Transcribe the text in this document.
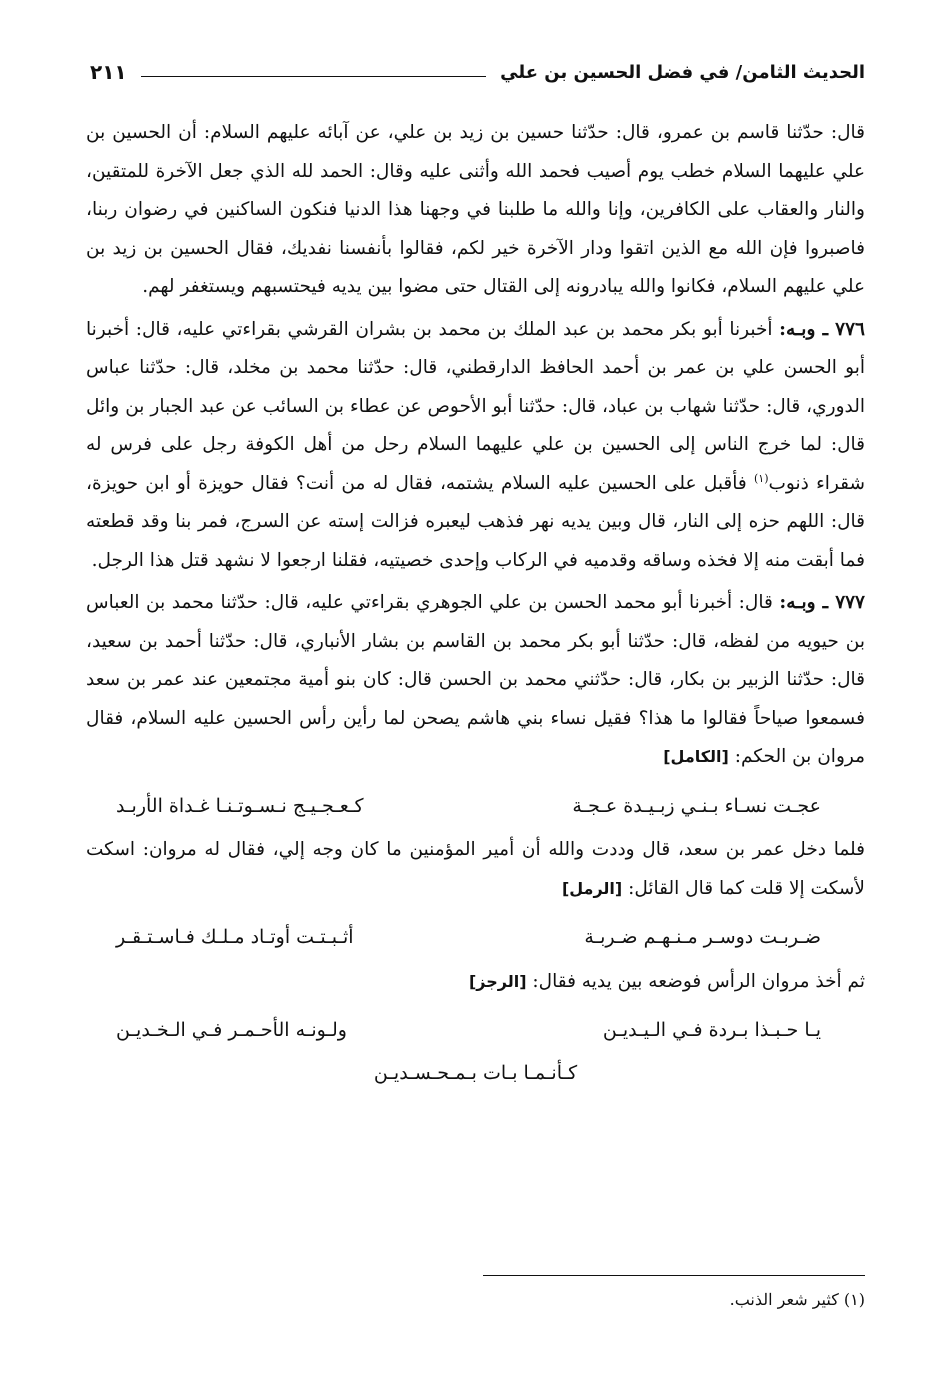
الحديث الثامن/ في فضل الحسين بن علي
٢١١

قال: حدّثنا قاسم بن عمرو، قال: حدّثنا حسين بن زيد بن علي، عن آبائه عليهم السلام: أن الحسين بن علي عليهما السلام خطب يوم أصيب فحمد الله وأثنى عليه وقال: الحمد لله الذي جعل الآخرة للمتقين، والنار والعقاب على الكافرين، وإنا والله ما طلبنا في وجهنا هذا الدنيا فنكون الساكنين في رضوان ربنا، فاصبروا فإن الله مع الذين اتقوا ودار الآخرة خير لكم، فقالوا بأنفسنا نفديك، فقال الحسين بن زيد بن علي عليهم السلام، فكانوا والله يبادرونه إلى القتال حتى مضوا بين يديه فيحتسبهم ويستغفر لهم.

٧٧٦ ـ وبـه: أخبرنا أبو بكر محمد بن عبد الملك بن محمد بن بشران القرشي بقراءتي عليه، قال: أخبرنا أبو الحسن علي بن عمر بن أحمد الحافظ الدارقطني، قال: حدّثنا محمد بن مخلد، قال: حدّثنا عباس الدوري، قال: حدّثنا شهاب بن عباد، قال: حدّثنا أبو الأحوص عن عطاء بن السائب عن عبد الجبار بن وائل قال: لما خرج الناس إلى الحسين بن علي عليهما السلام رحل من أهل الكوفة رجل على فرس له شقراء ذنوب$^{(١)}$ فأقبل على الحسين عليه السلام يشتمه، فقال له من أنت؟ فقال حويزة أو ابن حويزة، قال: اللهم حزه إلى النار، قال وبين يديه نهر فذهب ليعبره فزالت إسته عن السرج، فمر بنا وقد قطعته فما أبقت منه إلا فخذه وساقه وقدميه في الركاب وإحدى خصيتيه، فقلنا ارجعوا لا نشهد قتل هذا الرجل.

٧٧٧ ـ وبـه: قال: أخبرنا أبو محمد الحسن بن علي الجوهري بقراءتي عليه، قال: حدّثنا محمد بن العباس بن حيويه من لفظه، قال: حدّثنا أبو بكر محمد بن القاسم بن بشار الأنباري، قال: حدّثنا أحمد بن سعيد، قال: حدّثنا الزبير بن بكار، قال: حدّثني محمد بن الحسن قال: كان بنو أمية مجتمعين عند عمر بن سعد فسمعوا صياحاً فقالوا ما هذا؟ فقيل نساء بني هاشم يصحن لما رأين رأس الحسين عليه السلام، فقال مروان بن الحكم: [الكامل]

عجـت نسـاء بـنـي زبـيـدة عـجـة
كـعـجـيـج نـسـوتـنـا غـداة الأربـد

فلما دخل عمر بن سعد، قال وددت والله أن أمير المؤمنين ما كان وجه إلي، فقال له مروان: اسكت لأسكت إلا قلت كما قال القائل: [الرمل]

ضـربـت دوسـر مـنـهـم ضـربـة
أثـبـتـت أوتـاد مـلـك فـاسـتـقـر

ثم أخذ مروان الرأس فوضعه بين يديه فقال: [الرجز]

يـا حـبـذا بـردة فـي الـيـديـن
ولـونـه الأحـمـر فـي الـخـديـن
كـأنـمـا بـات بـمـحـسـديـن
(١) كثير شعر الذنب.
